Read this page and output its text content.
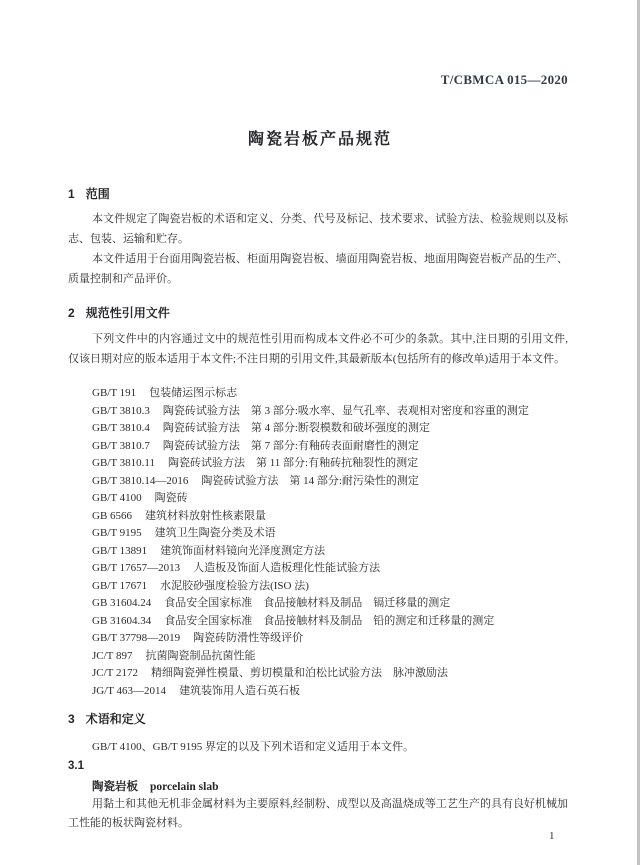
T/CBMCA 015—2020
陶瓷岩板产品规范
1 范围

本文件规定了陶瓷岩板的术语和定义、分类、代号及标记、技术要求、试验方法、检验规则以及标志、包装、运输和贮存。

本文件适用于台面用陶瓷岩板、柜面用陶瓷岩板、墙面用陶瓷岩板、地面用陶瓷岩板产品的生产、质量控制和产品评价。

2 规范性引用文件

下列文件中的内容通过文中的规范性引用而构成本文件必不可少的条款。其中,注日期的引用文件,仅该日期对应的版本适用于本文件;不注日期的引用文件,其最新版本(包括所有的修改单)适用于本文件。

GB/T 191 包装储运图示标志
GB/T 3810.3 陶瓷砖试验方法　第 3 部分:吸水率、显气孔率、表观相对密度和容重的测定
GB/T 3810.4 陶瓷砖试验方法　第 4 部分:断裂模数和破坏强度的测定
GB/T 3810.7 陶瓷砖试验方法　第 7 部分:有釉砖表面耐磨性的测定
GB/T 3810.11 陶瓷砖试验方法　第 11 部分:有釉砖抗釉裂性的测定
GB/T 3810.14—2016 陶瓷砖试验方法　第 14 部分:耐污染性的测定
GB/T 4100 陶瓷砖
GB 6566 建筑材料放射性核素限量
GB/T 9195 建筑卫生陶瓷分类及术语
GB/T 13891 建筑饰面材料镜向光泽度测定方法
GB/T 17657—2013 人造板及饰面人造板理化性能试验方法
GB/T 17671 水泥胶砂强度检验方法(ISO 法)
GB 31604.24 食品安全国家标准　食品接触材料及制品　镉迁移量的测定
GB 31604.34 食品安全国家标准　食品接触材料及制品　铅的测定和迁移量的测定
GB/T 37798—2019 陶瓷砖防滑性等级评价
JC/T 897 抗菌陶瓷制品抗菌性能
JC/T 2172 精细陶瓷弹性模量、剪切模量和泊松比试验方法　脉冲激励法
JG/T 463—2014 建筑装饰用人造石英石板
3 术语和定义

GB/T 4100、GB/T 9195 界定的以及下列术语和定义适用于本文件。

3.1
陶瓷岩板 porcelain slab

用黏土和其他无机非金属材料为主要原料,经制粉、成型以及高温烧成等工艺生产的具有良好机械加工性能的板状陶瓷材料。

1
